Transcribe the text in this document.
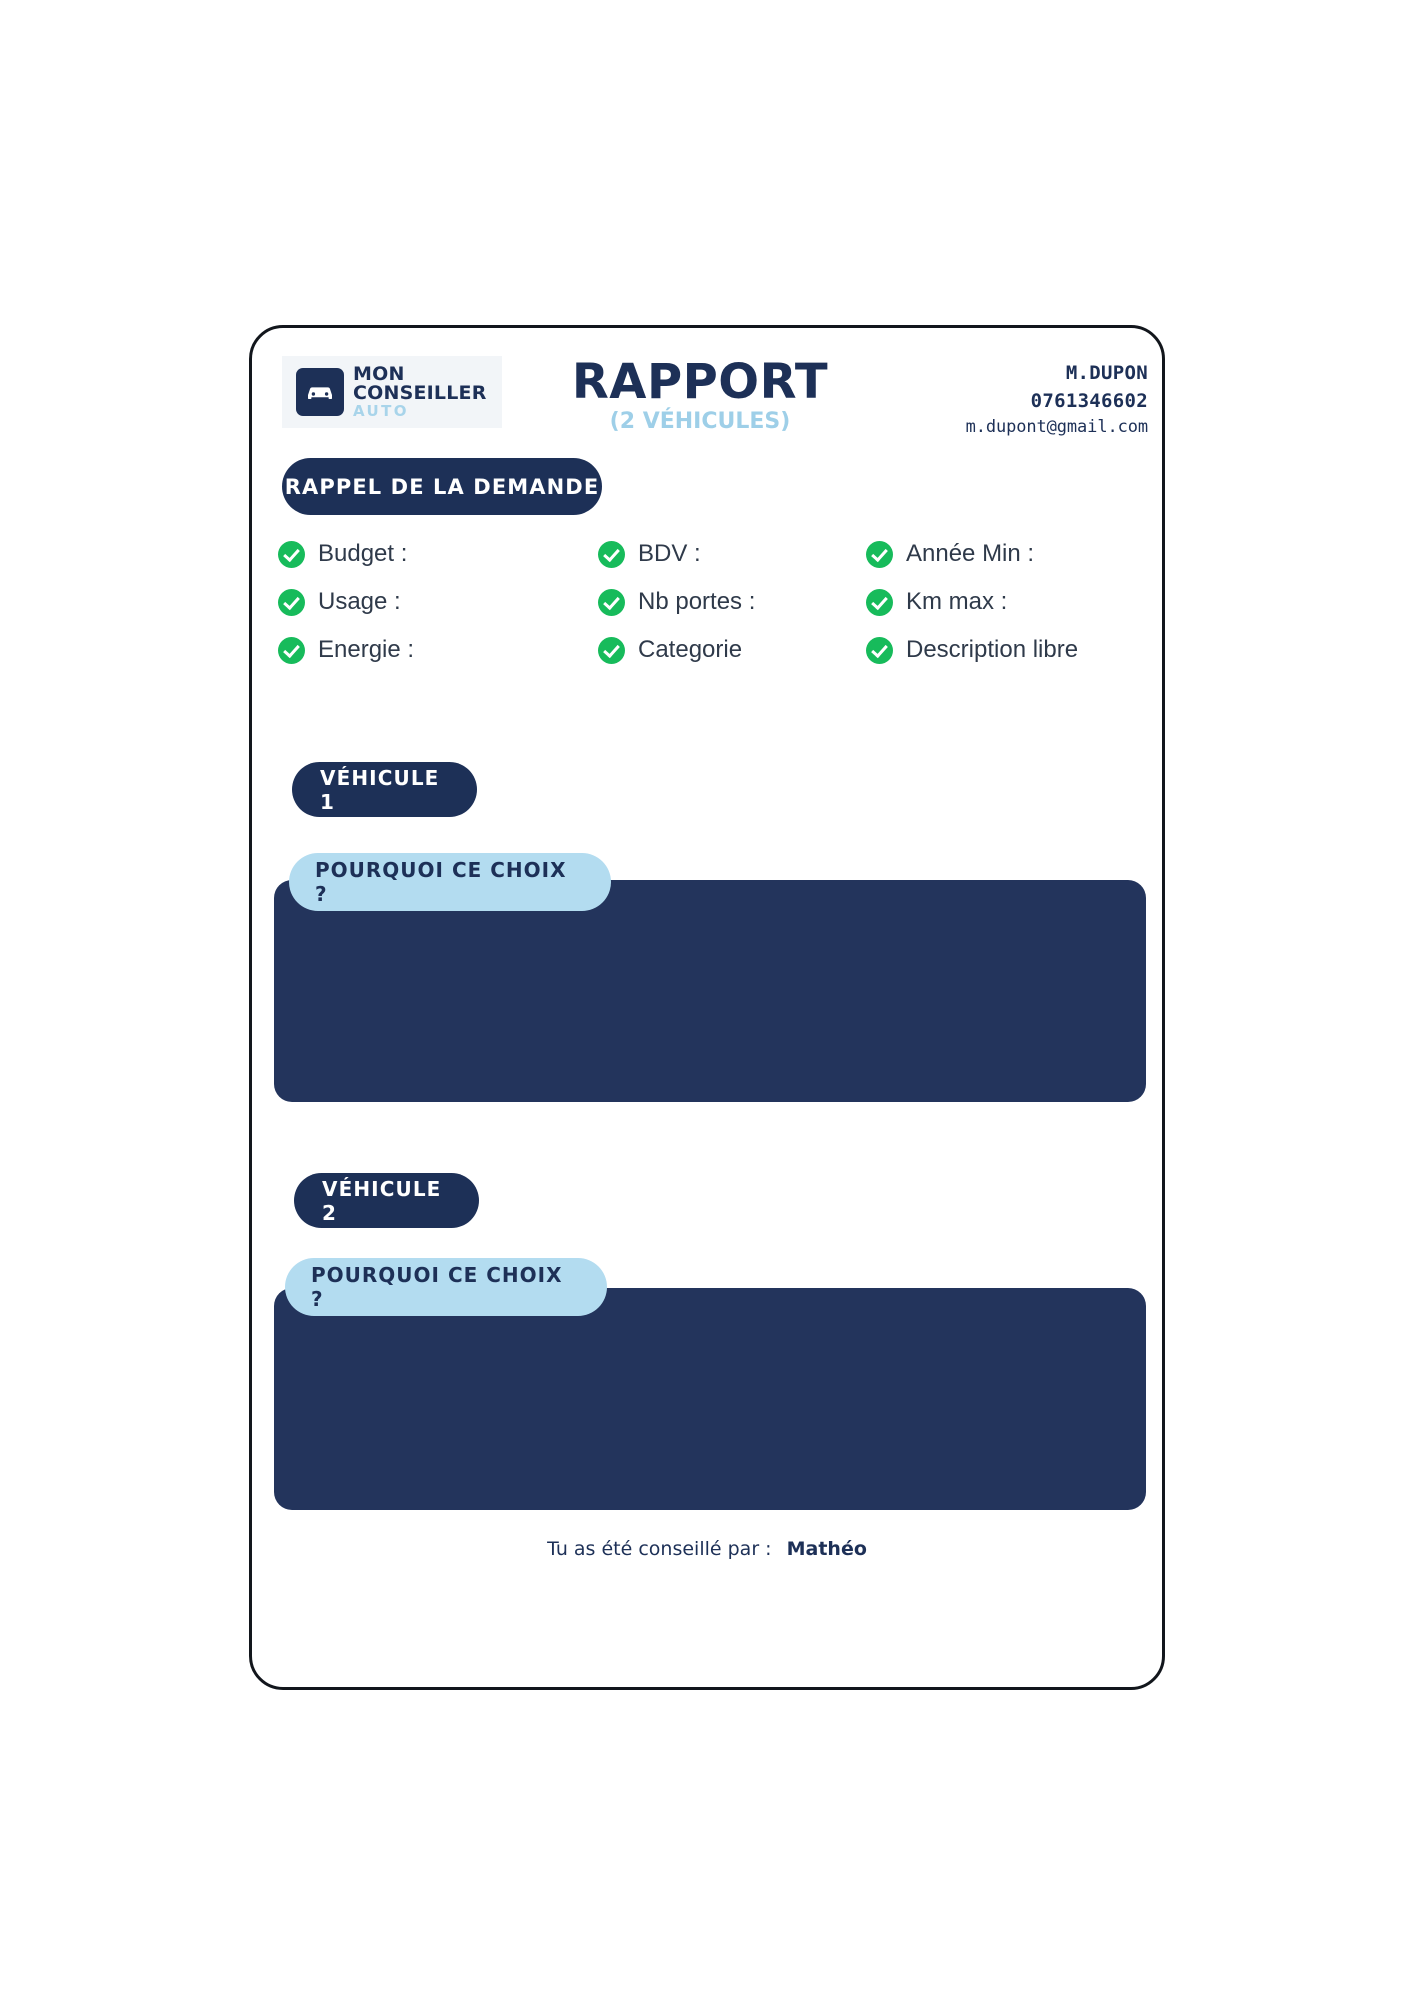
MON
CONSEILLER
AUTO
RAPPORT
(2 VÉHICULES)
M.DUPON
0761346602
m.dupont@gmail.com
RAPPEL DE LA DEMANDE
Budget :	BDV :	Année Min :
Usage :	Nb portes :	Km max :
Energie :	Categorie	Description libre
VÉHICULE 1
POURQUOI CE CHOIX ?
VÉHICULE 2
POURQUOI CE CHOIX ?
Tu as été conseillé par : Mathéo
